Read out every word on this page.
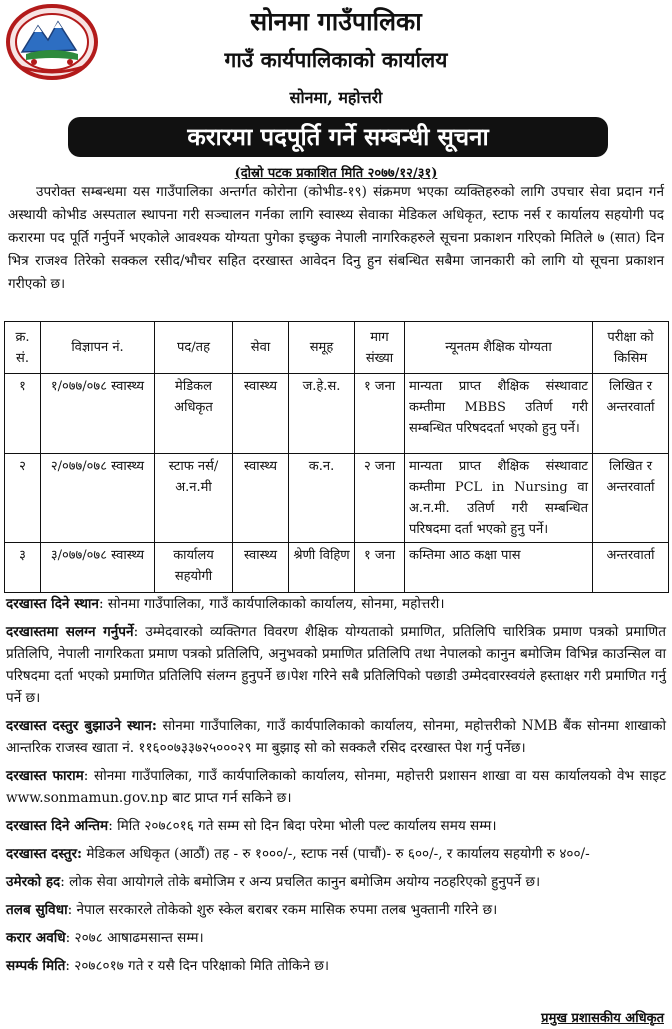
सोनमा गाउँपालिका
गाउँ कार्यपालिकाको कार्यालय
सोनमा, महोत्तरी
करारमा पदपूर्ति गर्ने सम्बन्धी सूचना
(दोस्रो पटक प्रकाशित मिति २०७७/१२/३१)
उपरोक्त सम्बन्धमा यस गाउँपालिका अन्तर्गत कोरोना (कोभीड-१९) संक्रमण भएका व्यक्तिहरुको लागि उपचार सेवा प्रदान गर्न अस्थायी कोभीड अस्पताल स्थापना गरी सञ्चालन गर्नका लागि स्वास्थ्य सेवाका मेडिकल अधिकृत, स्टाफ नर्स र कार्यालय सहयोगी पद करारमा पद पूर्ति गर्नुपर्ने भएकोले आवश्यक योग्यता पुगेका इच्छुक नेपाली नागरिकहरुले सूचना प्रकाशन गरिएको मितिले ७ (सात) दिन भित्र राजश्व तिरेको सक्कल रसीद/भौचर सहित दरखास्त आवेदन दिनु हुन संबन्धित सबैमा जानकारी को लागि यो सूचना प्रकाशन गरीएको छ।
क्र. सं.	विज्ञापन नं.	पद/तह	सेवा	समूह	माग संख्या	न्यूनतम शैक्षिक योग्यता	परीक्षा को किसिम
१	१/०७७/०७८ स्वास्थ्य	मेडिकल अधिकृत	स्वास्थ्य	ज.हे.स.	१ जना	मान्यता प्राप्त शैक्षिक संस्थावाट कम्तीमा MBBS उतिर्ण गरी सम्बन्धित परिषददर्ता भएको हुनु पर्ने।	लिखित र अन्तरवार्ता
२	२/०७७/०७८ स्वास्थ्य	स्टाफ नर्स/ अ.न.मी	स्वास्थ्य	क.न.	२ जना	मान्यता प्राप्त शैक्षिक संस्थावाट कम्तीमा PCL in Nursing वा अ.न.मी. उतिर्ण गरी सम्बन्धित परिषदमा दर्ता भएको हुनु पर्ने।	लिखित र अन्तरवार्ता
३	३/०७७/०७८ स्वास्थ्य	कार्यालय सहयोगी	स्वास्थ्य	श्रेणी विहिण	१ जना	कम्तिमा आठ कक्षा पास	अन्तरवार्ता

दरखास्त दिने स्थान: सोनमा गाउँपालिका, गाउँ कार्यपालिकाको कार्यालय, सोनमा, महोत्तरी।

दरखास्तमा सलग्न गर्नुपर्ने: उम्मेदवारको व्यक्तिगत विवरण शैक्षिक योग्यताको प्रमाणित, प्रतिलिपि चारित्रिक प्रमाण पत्रको प्रमाणित प्रतिलिपि, नेपाली नागरिकता प्रमाण पत्रको प्रतिलिपि, अनुभवको प्रमाणित प्रतिलिपि तथा नेपालको कानुन बमोजिम विभिन्न काउन्सिल वा परिषदमा दर्ता भएको प्रमाणित प्रतिलिपि संलग्न हुनुपर्ने छ।पेश गरिने सबै प्रतिलिपिको पछाडी उम्मेदवारस्वयंले हस्ताक्षर गरी प्रमाणित गर्नु पर्ने छ।

दरखास्त दस्तुर बुझाउने स्थान: सोनमा गाउँपालिका, गाउँ कार्यपालिकाको कार्यालय, सोनमा, महोत्तरीको NMB बैंक सोनमा शाखाको आन्तरिक राजस्व खाता नं. ११६००७३३७२५०००२९ मा बुझाइ सो को सक्कलै रसिद दरखास्त पेश गर्नु पर्नेछ।

दरखास्त फाराम: सोनमा गाउँपालिका, गाउँ कार्यपालिकाको कार्यालय, सोनमा, महोत्तरी प्रशासन शाखा वा यस कार्यालयको वेभ साइट www.sonmamun.gov.np बाट प्राप्त गर्न सकिने छ।

दरखास्त दिने अन्तिम: मिति २०७८०१६ गते सम्म सो दिन बिदा परेमा भोली पल्ट कार्यालय समय सम्म।

दरखास्त दस्तुर: मेडिकल अधिकृत (आठौं) तह - रु १०००/-, स्टाफ नर्स (पाचौं)- रु ६००/-, र कार्यालय सहयोगी रु ४००/-

उमेरको हद: लोक सेवा आयोगले तोके बमोजिम र अन्य प्रचलित कानुन बमोजिम अयोग्य नठहरिएको हुनुपर्ने छ।

तलब सुविधा: नेपाल सरकारले तोकेको शुरु स्केल बराबर रकम मासिक रुपमा तलब भुक्तानी गरिने छ।

करार अवधि: २०७८ आषाढमसान्त सम्म।

सम्पर्क मिति: २०७८०१७ गते र यसै दिन परिक्षाको मिति तोकिने छ।

प्रमुख प्रशासकीय अधिकृत
